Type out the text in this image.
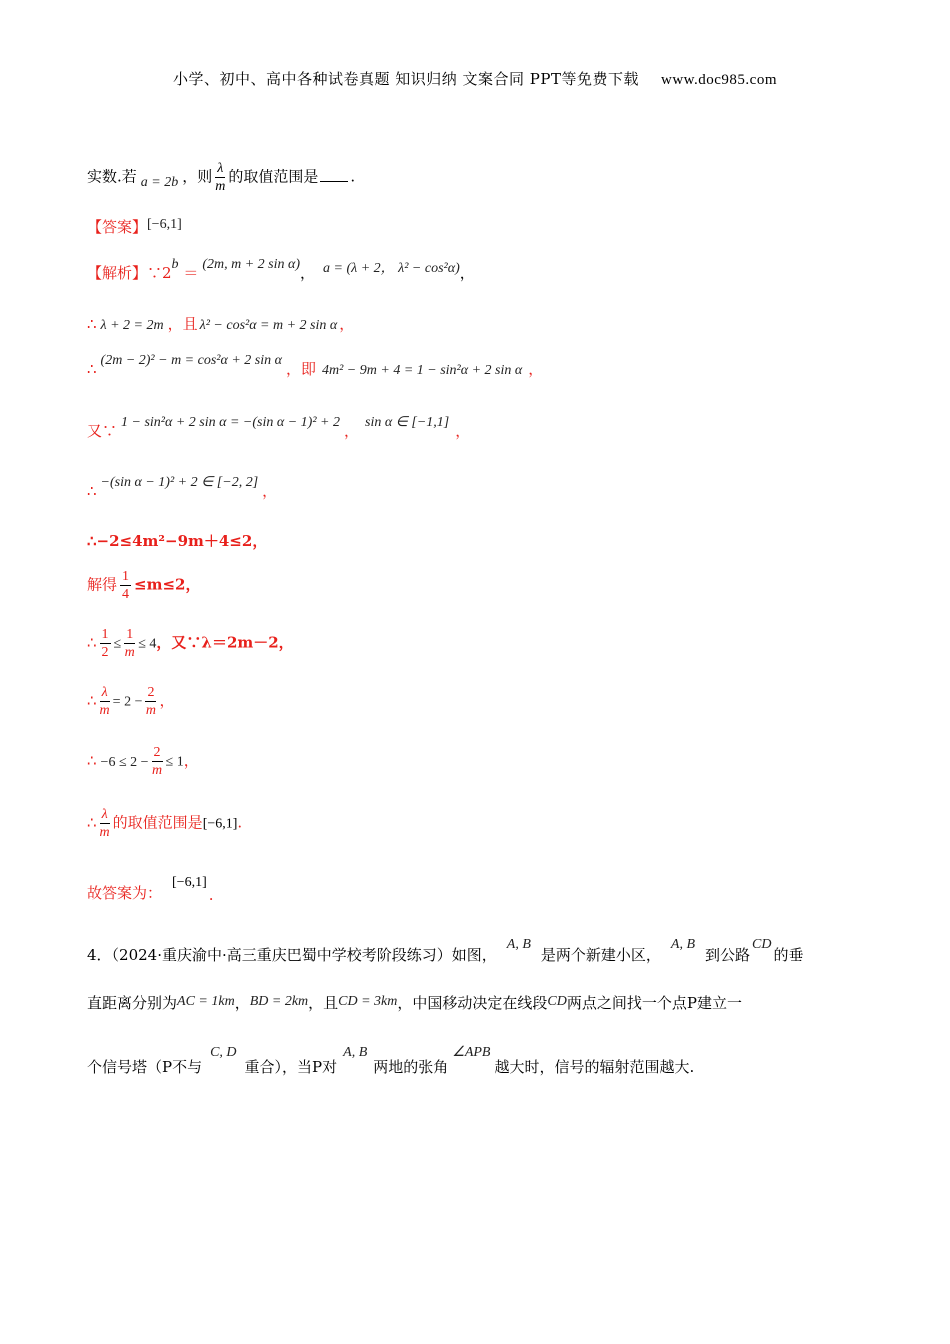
小学、初中、高中各种试卷真题 知识归纳 文案合同 PPT等免费下载 www.doc985.com
实数.若 a = 2b ，则 $\frac{\lambda}{m}$ 的取值范围是 .
【答案】[−6,1]
【解析】∵2b ＝ (2m, m + 2 sin α)， a = (λ + 2， λ² − cos²α)，
∴ λ + 2 = 2m ，且 λ² − cos²α = m + 2 sin α ，
∴ (2m − 2)² − m = cos²α + 2 sin α ，即 4m² − 9m + 4 = 1 − sin²α + 2 sin α ，
又∵ 1 − sin²α + 2 sin α = −(sin α − 1)² + 2 ， sin α ∈ [−1,1] ，
∴ −(sin α − 1)² + 2 ∈ [−2, 2] ，
∴−2≤4m²−9m＋4≤2，
解得 $\frac{1}{4} \le m\le 2$，
∴ $\frac{1}{2} \le \frac{1}{m} \le 4$，又∵λ＝2m－2，
∴ $\frac{\lambda}{m} = 2 - \frac{2}{m}$ ，
∴ $-6 \le 2 - \frac{2}{m} \le 1$，
∴ $\frac{\lambda}{m}$ 的取值范围是[−6,1].
故答案为：[−6,1].
4．（2024·重庆渝中·高三重庆巴蜀中学校考阶段练习）如图，A, B是两个新建小区，A, B到公路CD的垂
直距离分别为AC = 1km，BD = 2km，且CD = 3km，中国移动决定在线段CD两点之间找一个点P建立一
个信号塔（P不与C, D重合），当P对A, B两地的张角∠APB越大时，信号的辐射范围越大.
